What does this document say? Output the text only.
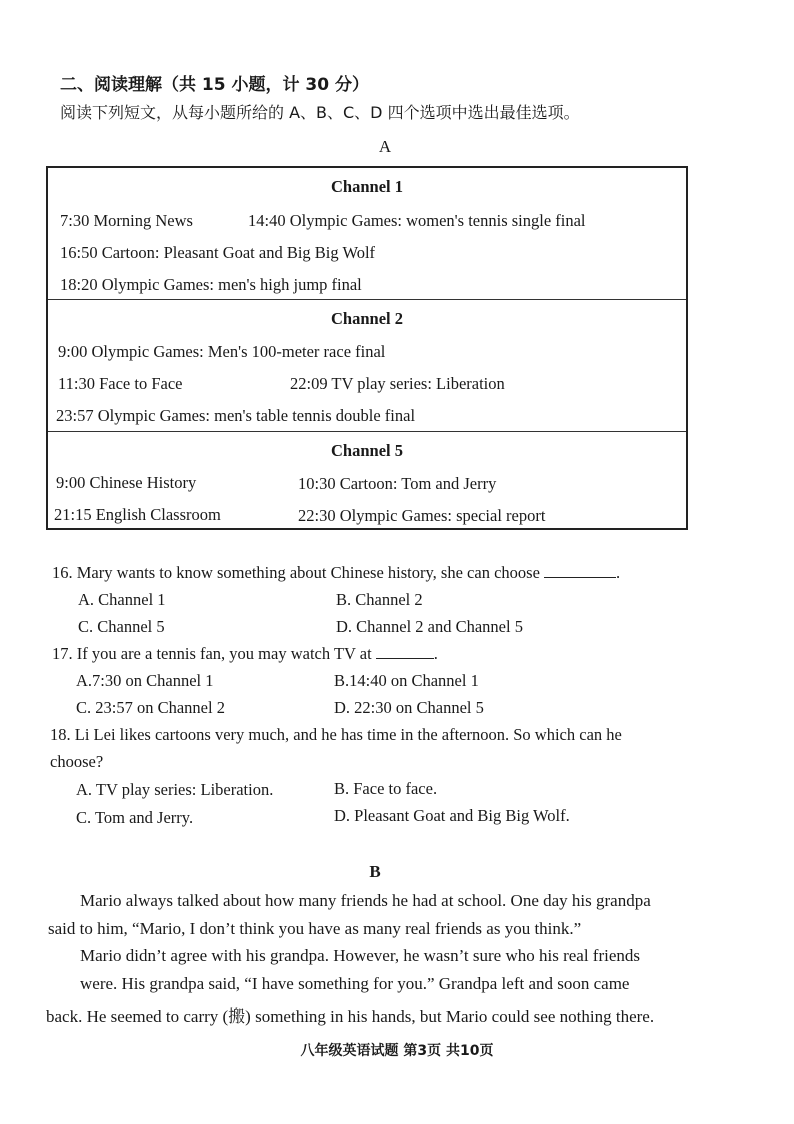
二、阅读理解（共 15 小题，计 30 分）
阅读下列短文，从每小题所给的 A、B、C、D 四个选项中选出最佳选项。
A
Channel 1
7:30 Morning News	14:40 Olympic Games: women's tennis single final
16:50 Cartoon: Pleasant Goat and Big Big Wolf
18:20 Olympic Games: men's high jump final
Channel 2
9:00 Olympic Games: Men's 100-meter race final
11:30 Face to Face	22:09 TV play series: Liberation
23:57 Olympic Games: men's table tennis double final
Channel 5
9:00 Chinese History	10:30 Cartoon: Tom and Jerry
21:15 English Classroom	22:30 Olympic Games: special report
16. Mary wants to know something about Chinese history, she can choose	.
A. Channel 1	B. Channel 2
C. Channel 5	D. Channel 2 and Channel 5
17. If you are a tennis fan, you may watch TV at	.
A.7:30 on Channel 1	B.14:40 on Channel 1
C. 23:57 on Channel 2	D. 22:30 on Channel 5
18. Li Lei likes cartoons very much, and he has time in the afternoon. So which can he
choose?
A. TV play series: Liberation.	B. Face to face.
C. Tom and Jerry.	D. Pleasant Goat and Big Big Wolf.
B
Mario always talked about how many friends he had at school. One day his grandpa
said to him, “Mario, I don’t think you have as many real friends as you think.”
Mario didn’t agree with his grandpa. However, he wasn’t sure who his real friends
were. His grandpa said, “I have something for you.” Grandpa left and soon came
back. He seemed to carry (搬) something in his hands, but Mario could see nothing there.
八年级英语试题 第3页 共10页
